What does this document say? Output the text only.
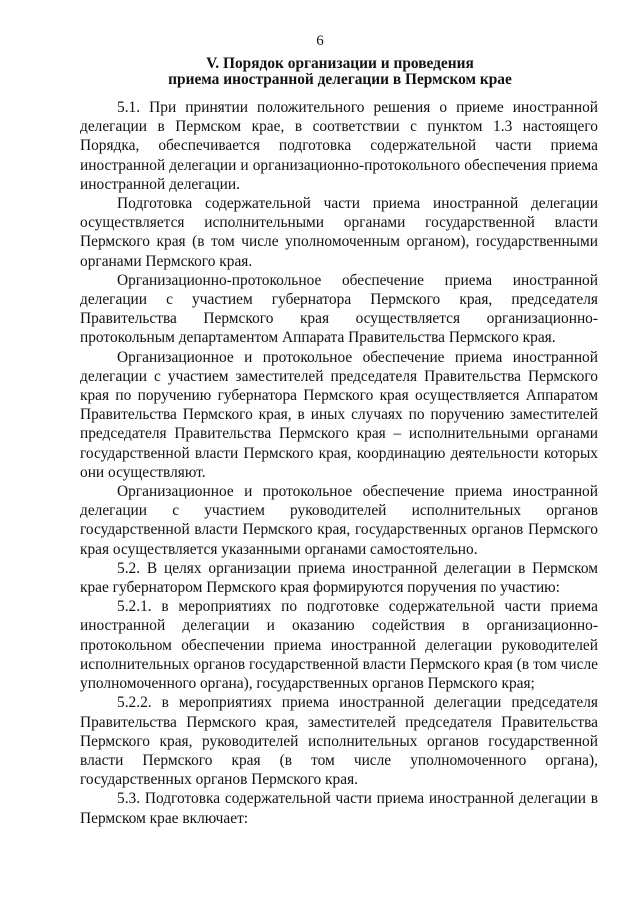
6
V. Порядок организации и проведения
приема иностранной делегации в Пермском крае

5.1. При принятии положительного решения о приеме иностранной делегации в Пермском крае, в соответствии с пунктом 1.3 настоящего Порядка, обеспечивается подготовка содержательной части приема иностранной делегации и организационно-протокольного обеспечения приема иностранной делегации.

Подготовка содержательной части приема иностранной делегации осуществляется исполнительными органами государственной власти Пермского края (в том числе уполномоченным органом), государственными органами Пермского края.

Организационно-протокольное обеспечение приема иностранной делегации с участием губернатора Пермского края, председателя Правительства Пермского края осуществляется организационно-протокольным департаментом Аппарата Правительства Пермского края.

Организационное и протокольное обеспечение приема иностранной делегации с участием заместителей председателя Правительства Пермского края по поручению губернатора Пермского края осуществляется Аппаратом Правительства Пермского края, в иных случаях по поручению заместителей председателя Правительства Пермского края – исполнительными органами государственной власти Пермского края, координацию деятельности которых они осуществляют.

Организационное и протокольное обеспечение приема иностранной делегации с участием руководителей исполнительных органов государственной власти Пермского края, государственных органов Пермского края осуществляется указанными органами самостоятельно.

5.2. В целях организации приема иностранной делегации в Пермском крае губернатором Пермского края формируются поручения по участию:

5.2.1. в мероприятиях по подготовке содержательной части приема иностранной делегации и оказанию содействия в организационно-протокольном обеспечении приема иностранной делегации руководителей исполнительных органов государственной власти Пермского края (в том числе уполномоченного органа), государственных органов Пермского края;

5.2.2. в мероприятиях приема иностранной делегации председателя Правительства Пермского края, заместителей председателя Правительства Пермского края, руководителей исполнительных органов государственной власти Пермского края (в том числе уполномоченного органа), государственных органов Пермского края.

5.3. Подготовка содержательной части приема иностранной делегации в Пермском крае включает:
